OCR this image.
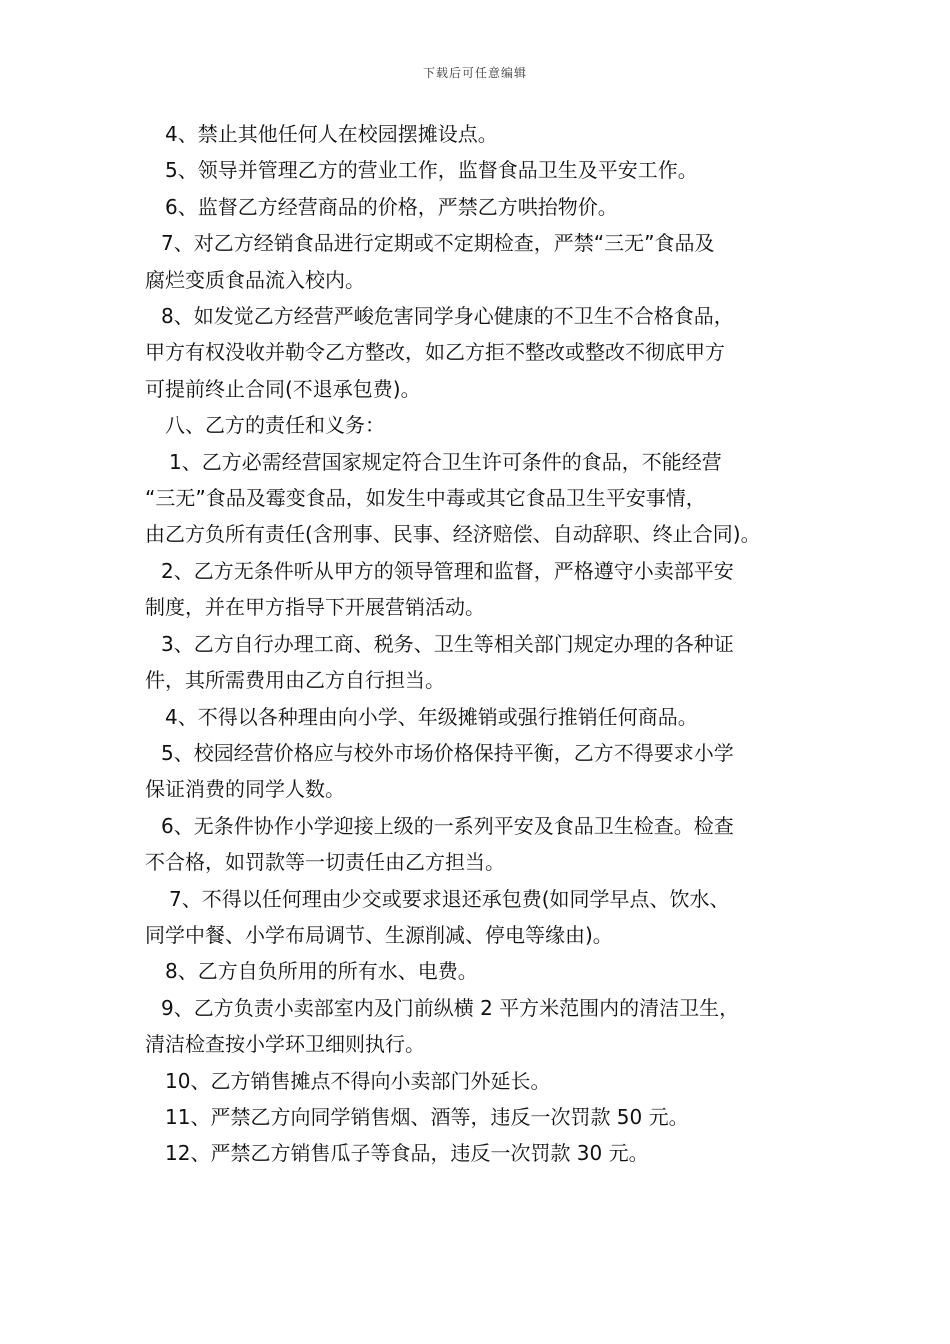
下载后可任意编辑

4、禁止其他任何人在校园摆摊设点。

5、领导并管理乙方的营业工作，监督食品卫生及平安工作。

6、监督乙方经营商品的价格，严禁乙方哄抬物价。

7、对乙方经销食品进行定期或不定期检查，严禁“三无”食品及
腐烂变质食品流入校内。

8、如发觉乙方经营严峻危害同学身心健康的不卫生不合格食品，
甲方有权没收并勒令乙方整改，如乙方拒不整改或整改不彻底甲方
可提前终止合同(不退承包费)。

八、乙方的责任和义务：

1、乙方必需经营国家规定符合卫生许可条件的食品，不能经营
“三无”食品及霉变食品，如发生中毒或其它食品卫生平安事情，
由乙方负所有责任(含刑事、民事、经济赔偿、自动辞职、终止合同)。

2、乙方无条件听从甲方的领导管理和监督，严格遵守小卖部平安
制度，并在甲方指导下开展营销活动。

3、乙方自行办理工商、税务、卫生等相关部门规定办理的各种证
件，其所需费用由乙方自行担当。

4、不得以各种理由向小学、年级摊销或强行推销任何商品。

5、校园经营价格应与校外市场价格保持平衡，乙方不得要求小学
保证消费的同学人数。

6、无条件协作小学迎接上级的一系列平安及食品卫生检查。检查
不合格，如罚款等一切责任由乙方担当。

7、不得以任何理由少交或要求退还承包费(如同学早点、饮水、
同学中餐、小学布局调节、生源削减、停电等缘由)。

8、乙方自负所用的所有水、电费。

9、乙方负责小卖部室内及门前纵横 2 平方米范围内的清洁卫生，
清洁检查按小学环卫细则执行。

10、乙方销售摊点不得向小卖部门外延长。

11、严禁乙方向同学销售烟、酒等，违反一次罚款 50 元。

12、严禁乙方销售瓜子等食品，违反一次罚款 30 元。
